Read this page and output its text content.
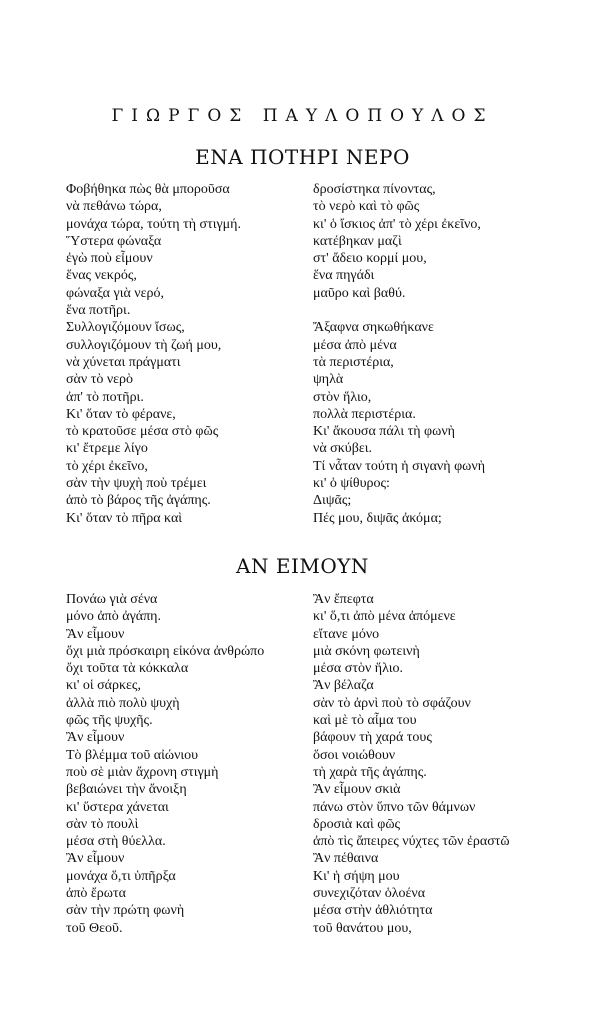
ΓΙΩΡΓΟΣ ΠΑΥΛΟΠΟΥΛΟΣ
ΕΝΑ ΠΟΤΗΡΙ ΝΕΡΟ
Φοβήθηκα πὼς θὰ μποροῦσα
νὰ πεθάνω τώρα,
μονάχα τώρα, τούτη τὴ στιγμή.
Ὕστερα φώναξα
ἐγὼ ποὺ εἶμουν
ἕνας νεκρός,
φώναξα γιὰ νερό,
ἕνα ποτῆρι.
Συλλογιζόμουν ἴσως,
συλλογιζόμουν τὴ ζωή μου,
νὰ χύνεται πράγματι
σὰν τὸ νερὸ
ἀπ' τὸ ποτῆρι.
Κι' ὅταν τὸ φέρανε,
τὸ κρατοῦσε μέσα στὸ φῶς
κι' ἔτρεμε λίγο
τὸ χέρι ἐκεῖνο,
σὰν τὴν ψυχὴ ποὺ τρέμει
ἀπὸ τὸ βάρος τῆς ἀγάπης.
Κι' ὅταν τὸ πῆρα καὶ
δροσίστηκα πίνοντας,
τὸ νερὸ καὶ τὸ φῶς
κι' ὁ ἴσκιος ἀπ' τὸ χέρι ἐκεῖνο,
κατέβηκαν μαζὶ
στ' ἄδειο κορμί μου,
ἕνα πηγάδι
μαῦρο καὶ βαθύ.
Ἄξαφνα σηκωθήκανε
μέσα ἀπὸ μένα
τὰ περιστέρια,
ψηλὰ
στὸν ἥλιο,
πολλὰ περιστέρια.
Κι' ἄκουσα πάλι τὴ φωνὴ
νὰ σκύβει.
Τί νἆταν τούτη ἡ σιγανὴ φωνὴ
κι' ὁ ψίθυρος:
Διψᾶς;
Πές μου, διψᾶς ἀκόμα;
ΑΝ ΕΙΜΟΥΝ
Πονάω γιὰ σένα
μόνο ἀπὸ ἀγάπη.
Ἂν εἶμουν
ὄχι μιὰ πρόσκαιρη εἰκόνα ἀνθρώπο
ὄχι τοῦτα τὰ κόκκαλα
κι' οἱ σάρκες,
ἀλλὰ πιὸ πολὺ ψυχὴ
φῶς τῆς ψυχῆς.
Ἂν εἶμουν
Τὸ βλέμμα τοῦ αἰώνιου
ποὺ σὲ μιὰν ἄχρονη στιγμὴ
βεβαιώνει τὴν ἄνοιξη
κι' ὕστερα χάνεται
σὰν τὸ πουλὶ
μέσα στὴ θύελλα.
Ἂν εἶμουν
μονάχα ὅ,τι ὑπῆρξα
ἀπὸ ἔρωτα
σὰν τὴν πρώτη φωνὴ
τοῦ Θεοῦ.
Ἂν ἔπεφτα
κι' ὅ,τι ἀπὸ μένα ἀπόμενε
εἴτανε μόνο
μιὰ σκόνη φωτεινὴ
μέσα στὸν ἥλιο.
Ἂν βέλαζα
σὰν τὸ ἀρνὶ ποὺ τὸ σφάζουν
καὶ μὲ τὸ αἷμα του
βάφουν τὴ χαρά τους
ὅσοι νοιώθουν
τὴ χαρὰ τῆς ἀγάπης.
Ἂν εἶμουν σκιὰ
πάνω στὸν ὕπνο τῶν θάμνων
δροσιὰ καὶ φῶς
ἀπὸ τὶς ἄπειρες νύχτες τῶν ἐραστῶ
Ἂν πέθαινα
Κι' ἡ σήψη μου
συνεχιζόταν ὁλοένα
μέσα στὴν ἀθλιότητα
τοῦ θανάτου μου,
